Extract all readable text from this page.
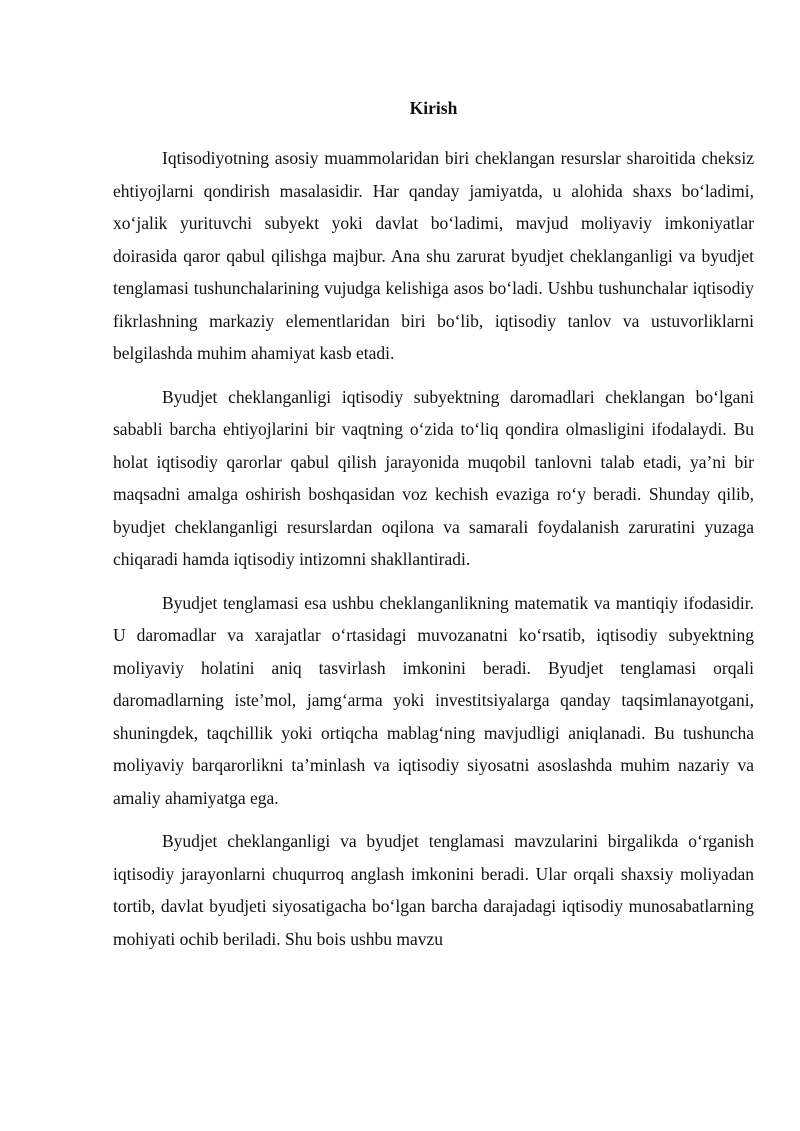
Kirish

Iqtisodiyotning asosiy muammolaridan biri cheklangan resurslar sharoitida cheksiz ehtiyojlarni qondirish masalasidir. Har qanday jamiyatda, u alohida shaxs bo‘ladimi, xo‘jalik yurituvchi subyekt yoki davlat bo‘ladimi, mavjud moliyaviy imkoniyatlar doirasida qaror qabul qilishga majbur. Ana shu zarurat byudjet cheklanganligi va byudjet tenglamasi tushunchalarining vujudga kelishiga asos bo‘ladi. Ushbu tushunchalar iqtisodiy fikrlashning markaziy elementlaridan biri bo‘lib, iqtisodiy tanlov va ustuvorliklarni belgilashda muhim ahamiyat kasb etadi.

Byudjet cheklanganligi iqtisodiy subyektning daromadlari cheklangan bo‘lgani sababli barcha ehtiyojlarini bir vaqtning o‘zida to‘liq qondira olmasligini ifodalaydi. Bu holat iqtisodiy qarorlar qabul qilish jarayonida muqobil tanlovni talab etadi, ya’ni bir maqsadni amalga oshirish boshqasidan voz kechish evaziga ro‘y beradi. Shunday qilib, byudjet cheklanganligi resurslardan oqilona va samarali foydalanish zaruratini yuzaga chiqaradi hamda iqtisodiy intizomni shakllantiradi.

Byudjet tenglamasi esa ushbu cheklanganlikning matematik va mantiqiy ifodasidir. U daromadlar va xarajatlar o‘rtasidagi muvozanatni ko‘rsatib, iqtisodiy subyektning moliyaviy holatini aniq tasvirlash imkonini beradi. Byudjet tenglamasi orqali daromadlarning iste’mol, jamg‘arma yoki investitsiyalarga qanday taqsimlanayotgani, shuningdek, taqchillik yoki ortiqcha mablag‘ning mavjudligi aniqlanadi. Bu tushuncha moliyaviy barqarorlikni ta’minlash va iqtisodiy siyosatni asoslashda muhim nazariy va amaliy ahamiyatga ega.

Byudjet cheklanganligi va byudjet tenglamasi mavzularini birgalikda o‘rganish iqtisodiy jarayonlarni chuqurroq anglash imkonini beradi. Ular orqali shaxsiy moliyadan tortib, davlat byudjeti siyosatigacha bo‘lgan barcha darajadagi iqtisodiy munosabatlarning mohiyati ochib beriladi. Shu bois ushbu mavzu
